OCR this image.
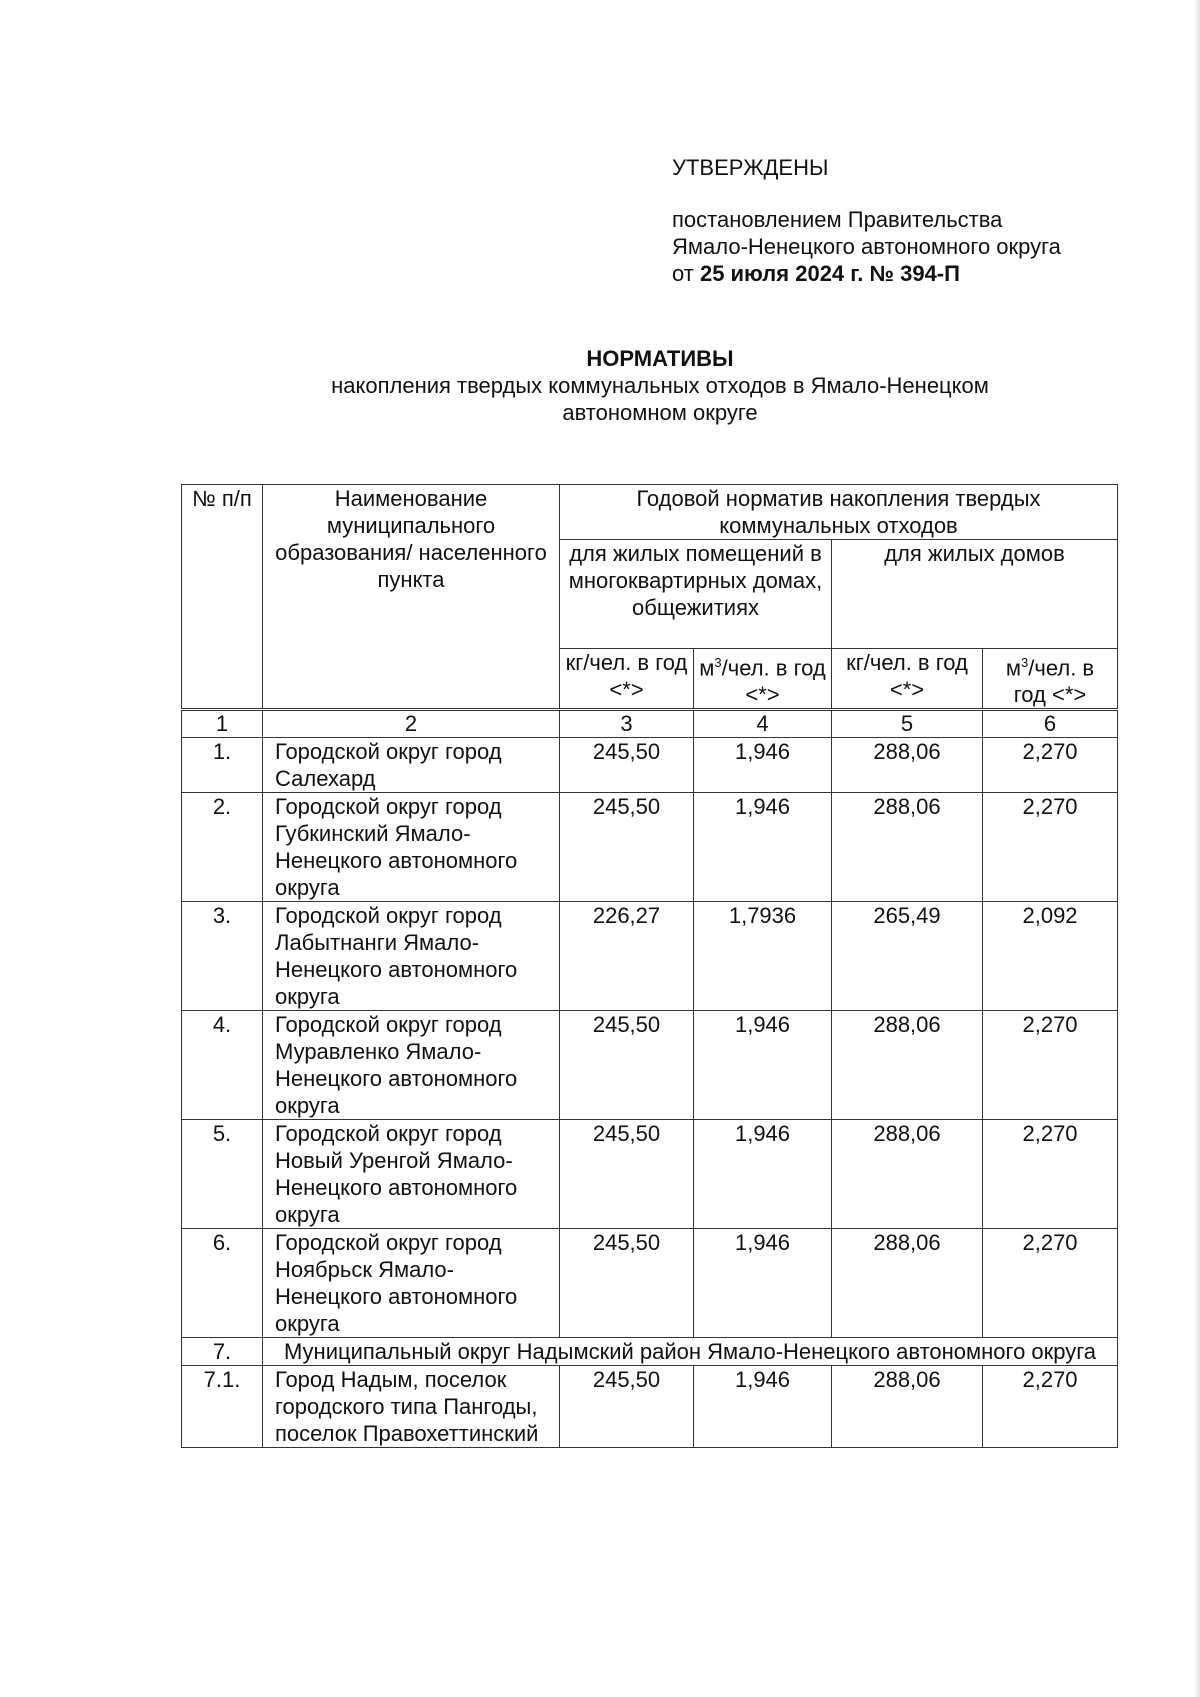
УТВЕРЖДЕНЫ
постановлением Правительства
Ямало-Ненецкого автономного округа
от 25 июля 2024 г. № 394-П
НОРМАТИВЫ
накопления твердых коммунальных отходов в Ямало-Ненецком автономном округе
№ п/п	Наименование муниципального образования/ населенного пункта	Годовой норматив накопления твердых коммунальных отходов			
		для жилых помещений в многоквартирных домах, общежитиях		для жилых домов	
		кг/чел. в год <*>	$м^3$/чел. в год <*>	кг/чел. в год <*>	$м^3$/чел. в год <*>
1	2	3	4	5	6
1.	Городской округ город Салехард	245,50	1,946	288,06	2,270
2.	Городской округ город Губкинский Ямало-Ненецкого автономного округа	245,50	1,946	288,06	2,270
3.	Городской округ город Лабытнанги Ямало-Ненецкого автономного округа	226,27	1,7936	265,49	2,092
4.	Городской округ город Муравленко Ямало-Ненецкого автономного округа	245,50	1,946	288,06	2,270
5.	Городской округ город Новый Уренгой Ямало-Ненецкого автономного округа	245,50	1,946	288,06	2,270
6.	Городской округ город Ноябрьск Ямало-Ненецкого автономного округа	245,50	1,946	288,06	2,270
7.	Муниципальный округ Надымский район Ямало-Ненецкого автономного округа				
7.1.	Город Надым, поселок городского типа Пангоды, поселок Правохеттинский	245,50	1,946	288,06	2,270
